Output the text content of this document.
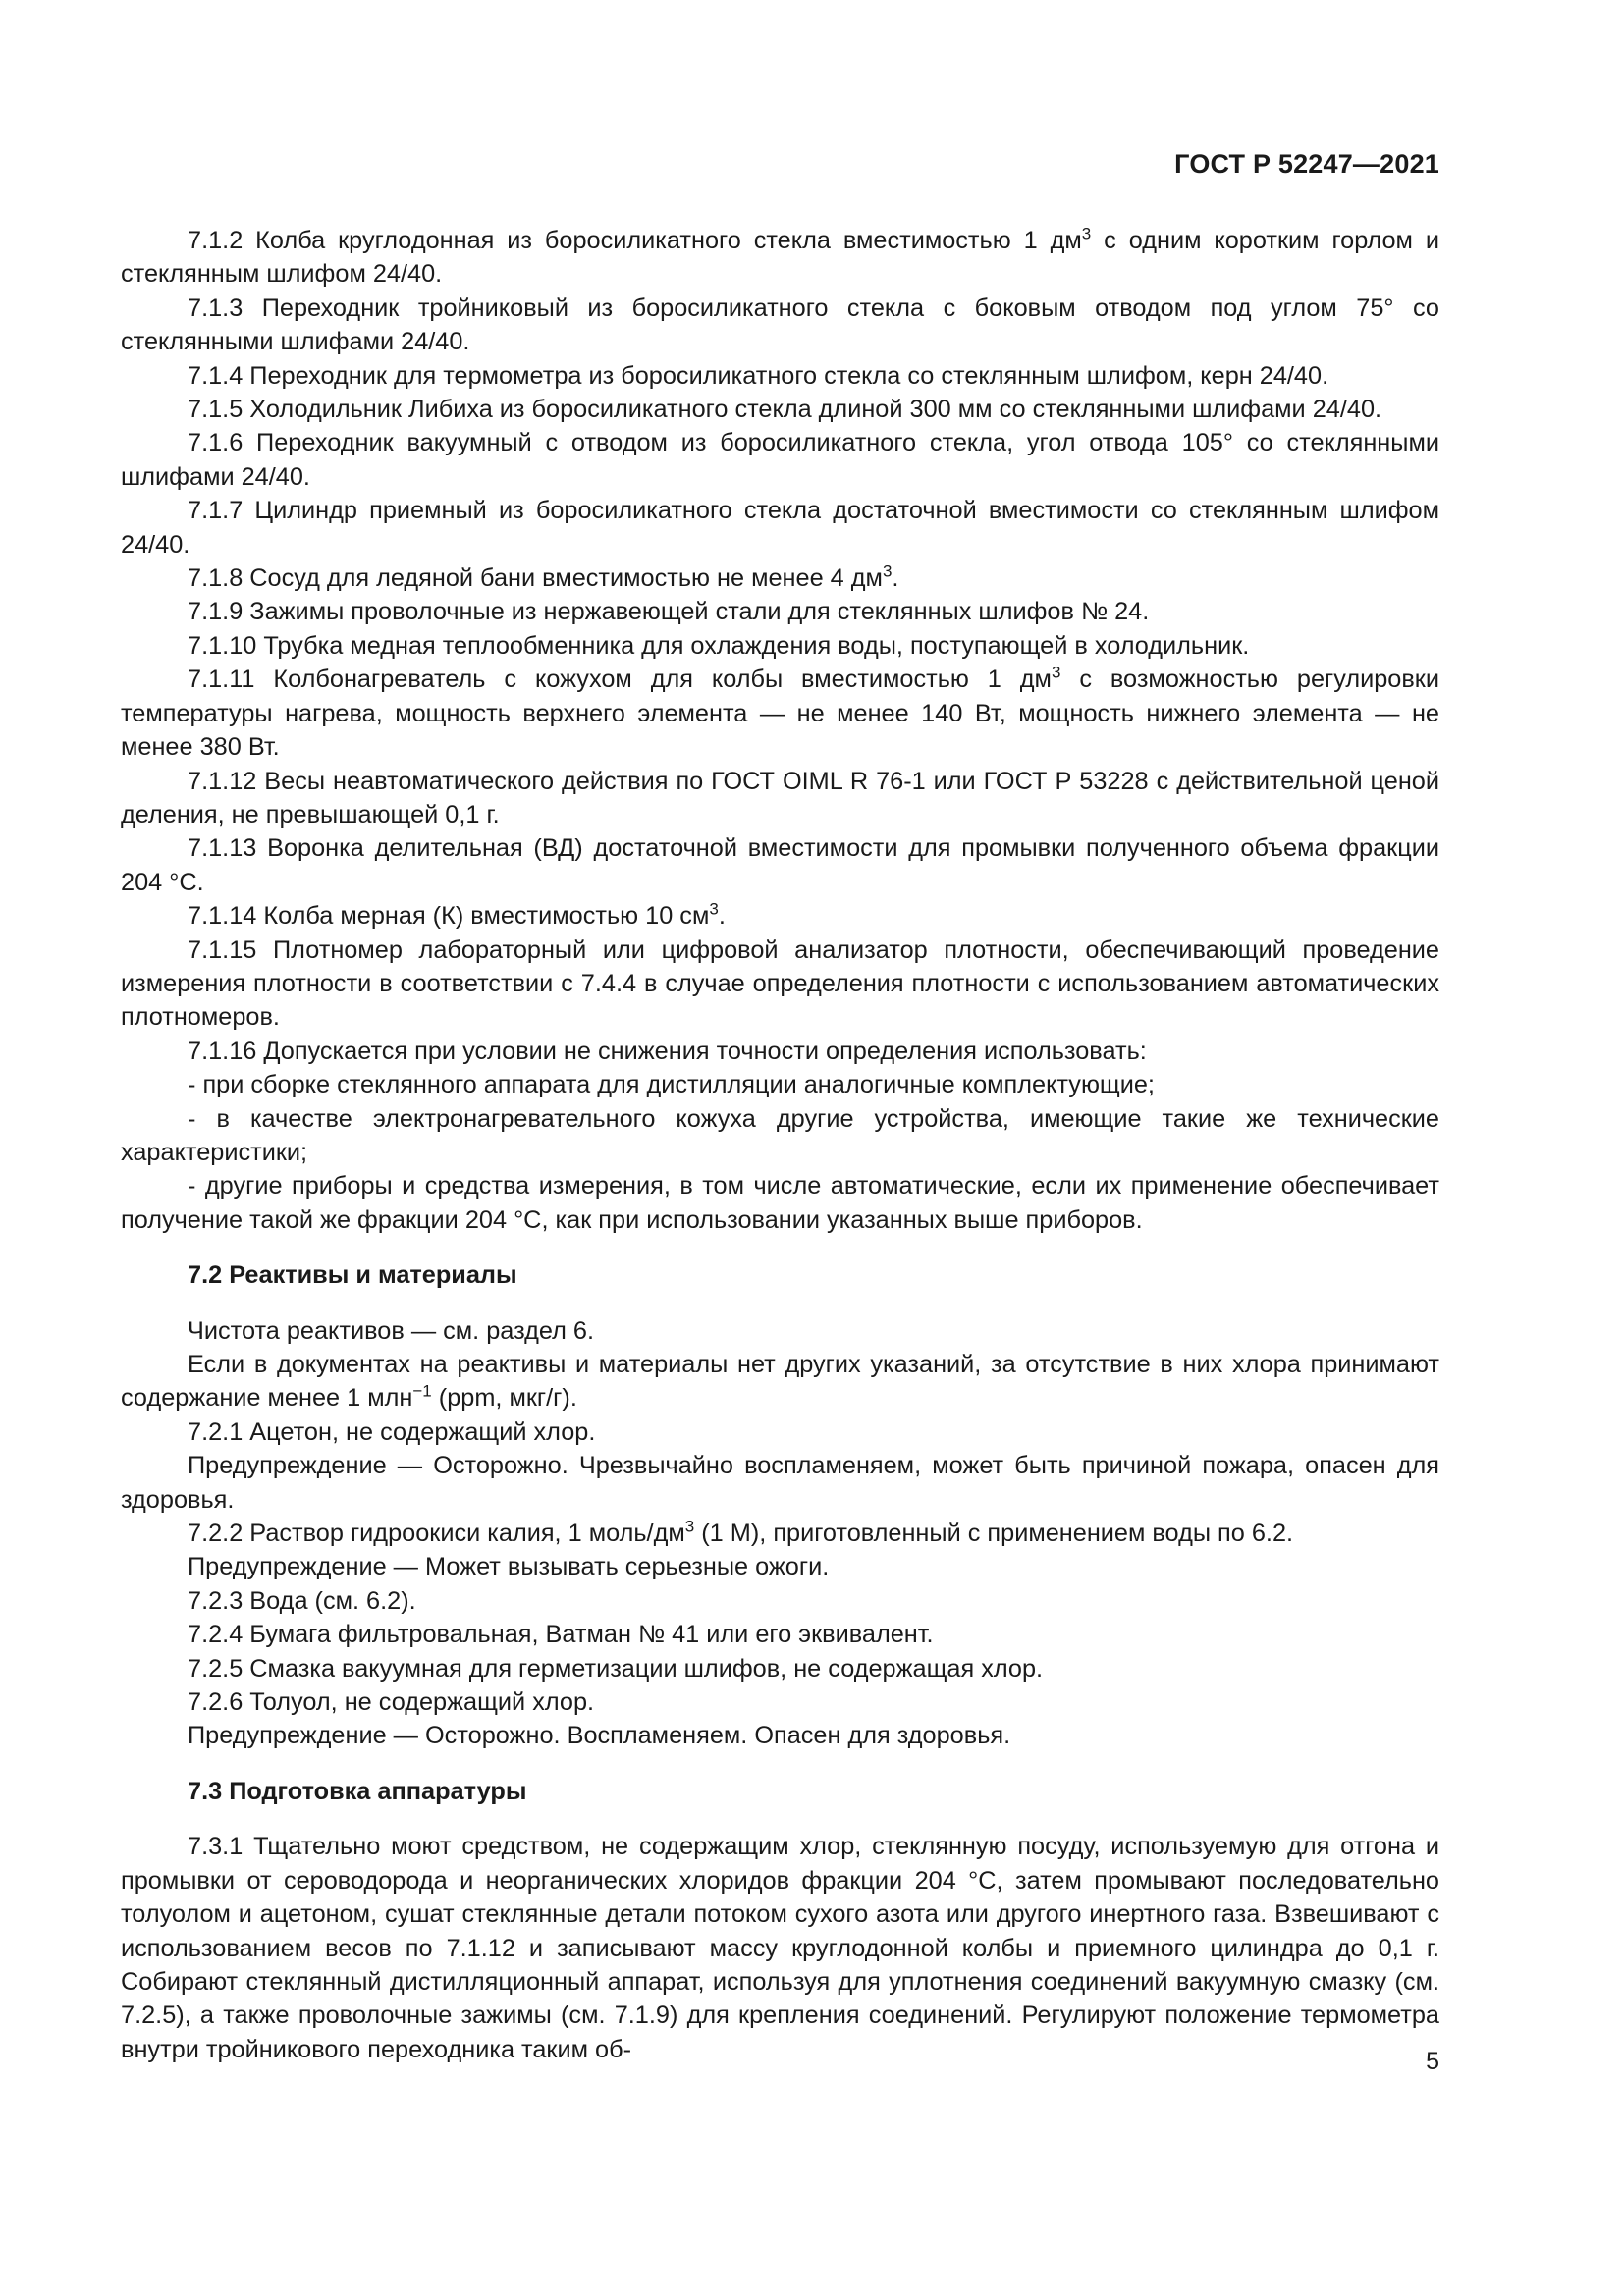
ГОСТ Р 52247—2021

7.1.2 Колба круглодонная из боросиликатного стекла вместимостью 1 $дм^3$ с одним коротким горлом и стеклянным шлифом 24/40.

7.1.3 Переходник тройниковый из боросиликатного стекла с боковым отводом под углом 75° со стеклянными шлифами 24/40.

7.1.4 Переходник для термометра из боросиликатного стекла со стеклянным шлифом, керн 24/40.

7.1.5 Холодильник Либиха из боросиликатного стекла длиной 300 мм со стеклянными шлифами 24/40.

7.1.6 Переходник вакуумный с отводом из боросиликатного стекла, угол отвода 105° со стеклянными шлифами 24/40.

7.1.7 Цилиндр приемный из боросиликатного стекла достаточной вместимости со стеклянным шлифом 24/40.

7.1.8 Сосуд для ледяной бани вместимостью не менее 4 $дм^3$.

7.1.9 Зажимы проволочные из нержавеющей стали для стеклянных шлифов № 24.

7.1.10 Трубка медная теплообменника для охлаждения воды, поступающей в холодильник.

7.1.11 Колбонагреватель с кожухом для колбы вместимостью 1 $дм^3$ с возможностью регулировки температуры нагрева, мощность верхнего элемента — не менее 140 Вт, мощность нижнего элемента — не менее 380 Вт.

7.1.12 Весы неавтоматического действия по ГОСТ OIML R 76-1 или ГОСТ Р 53228 с действительной ценой деления, не превышающей 0,1 г.

7.1.13 Воронка делительная (ВД) достаточной вместимости для промывки полученного объема фракции 204 °С.

7.1.14 Колба мерная (К) вместимостью 10 $см^3$.

7.1.15 Плотномер лабораторный или цифровой анализатор плотности, обеспечивающий проведение измерения плотности в соответствии с 7.4.4 в случае определения плотности с использованием автоматических плотномеров.

7.1.16 Допускается при условии не снижения точности определения использовать:

- при сборке стеклянного аппарата для дистилляции аналогичные комплектующие;

- в качестве электронагревательного кожуха другие устройства, имеющие такие же технические характеристики;

- другие приборы и средства измерения, в том числе автоматические, если их применение обеспечивает получение такой же фракции 204 °С, как при использовании указанных выше приборов.

7.2 Реактивы и материалы

Чистота реактивов — см. раздел 6.

Если в документах на реактивы и материалы нет других указаний, за отсутствие в них хлора принимают содержание менее 1 млн$^{-1}$ (ppm, мкг/г).

7.2.1 Ацетон, не содержащий хлор.

Предупреждение — Осторожно. Чрезвычайно воспламеняем, может быть причиной пожара, опасен для здоровья.

7.2.2 Раствор гидроокиси калия, 1 моль/$дм^3$ (1 М), приготовленный с применением воды по 6.2.

Предупреждение — Может вызывать серьезные ожоги.

7.2.3 Вода (см. 6.2).

7.2.4 Бумага фильтровальная, Ватман № 41 или его эквивалент.

7.2.5 Смазка вакуумная для герметизации шлифов, не содержащая хлор.

7.2.6 Толуол, не содержащий хлор.

Предупреждение — Осторожно. Воспламеняем. Опасен для здоровья.

7.3 Подготовка аппаратуры

7.3.1 Тщательно моют средством, не содержащим хлор, стеклянную посуду, используемую для отгона и промывки от сероводорода и неорганических хлоридов фракции 204 °С, затем промывают последовательно толуолом и ацетоном, сушат стеклянные детали потоком сухого азота или другого инертного газа. Взвешивают с использованием весов по 7.1.12 и записывают массу круглодонной колбы и приемного цилиндра до 0,1 г. Собирают стеклянный дистилляционный аппарат, используя для уплотнения соединений вакуумную смазку (см. 7.2.5), а также проволочные зажимы (см. 7.1.9) для крепления соединений. Регулируют положение термометра внутри тройникового переходника таким об-	5
